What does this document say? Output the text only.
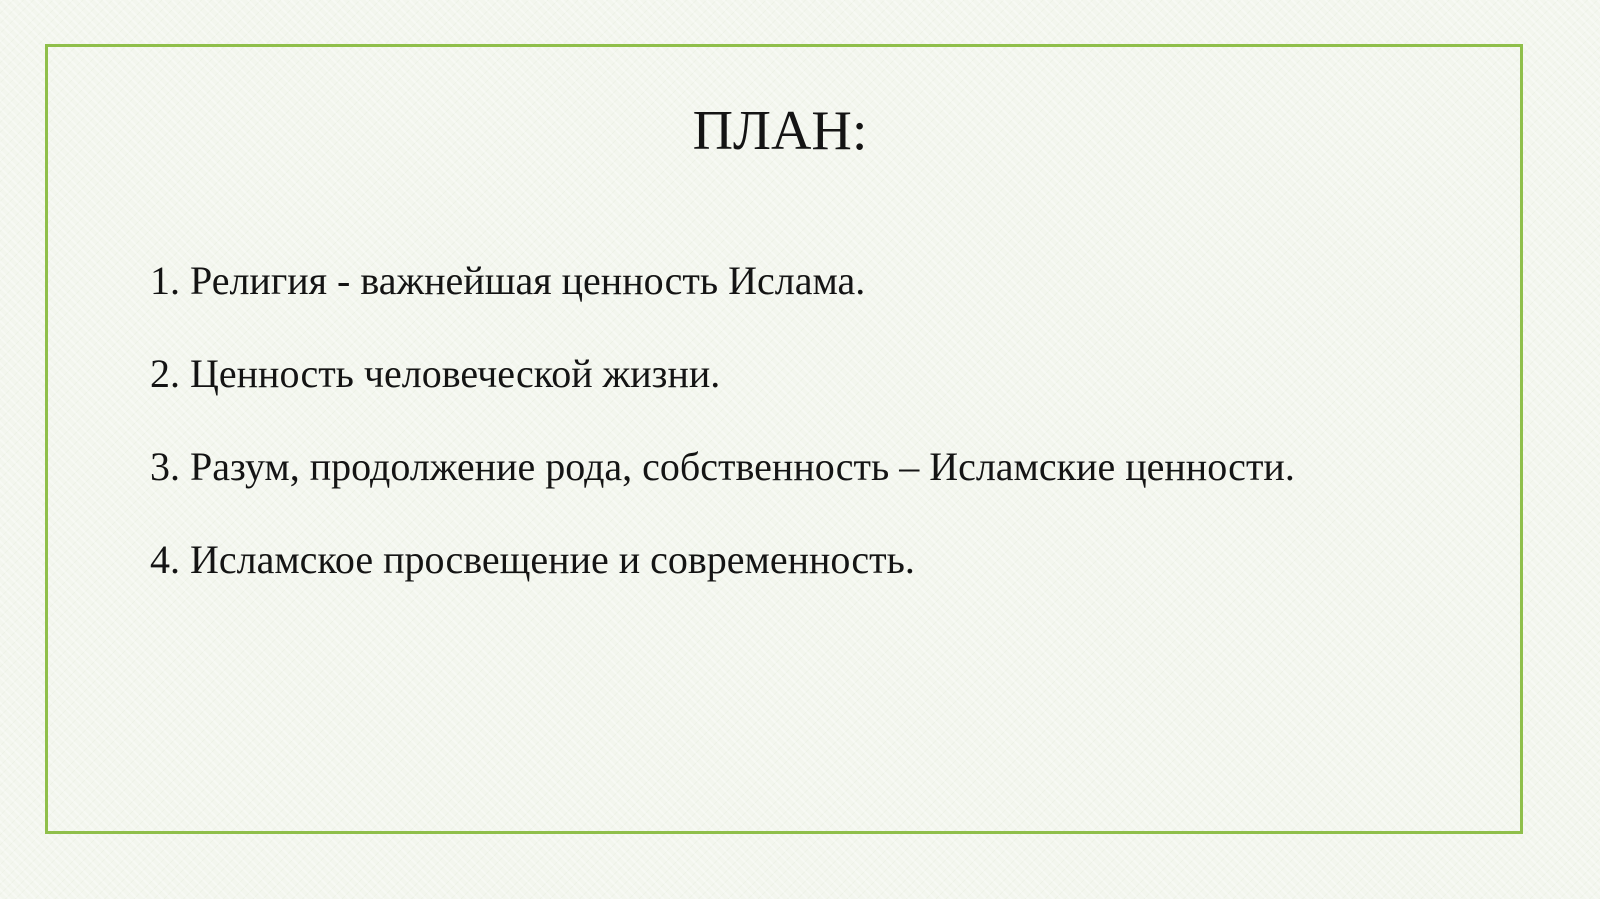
ПЛАН:
1. Религия - важнейшая ценность Ислама.
2. Ценность человеческой жизни.
3. Разум, продолжение рода, собственность – Исламские ценности.
4. Исламское просвещение и современность.
